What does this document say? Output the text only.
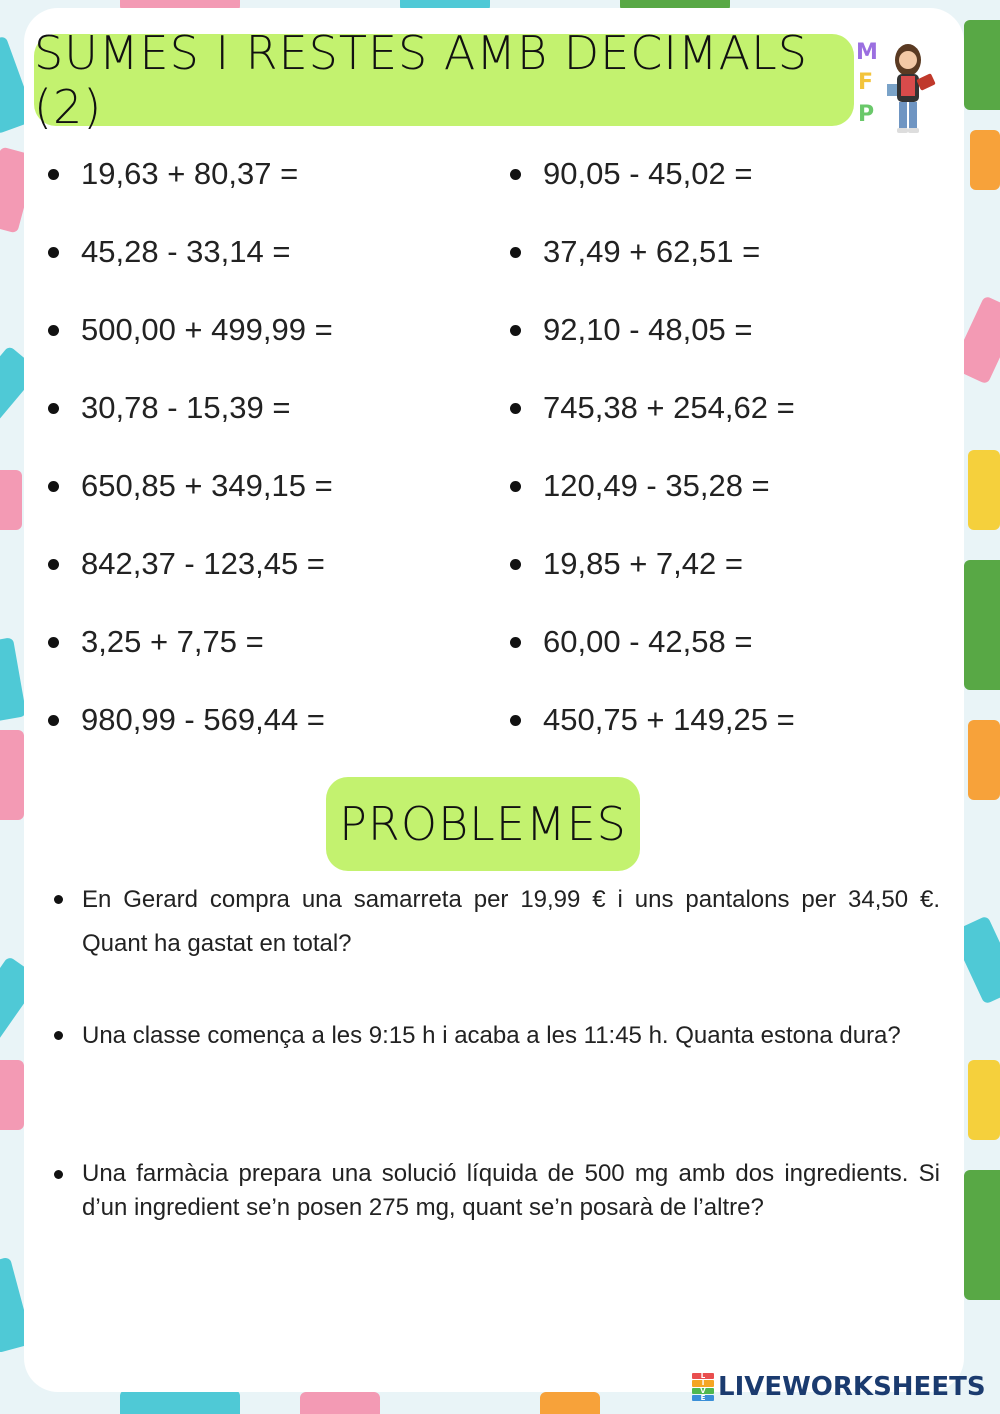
SUMES I RESTES AMB DECIMALS (2)
M
F
P
19,63 + 80,37 =
45,28 - 33,14 =
500,00 + 499,99 =
30,78 - 15,39 =
650,85 + 349,15 =
842,37 - 123,45 =
3,25 + 7,75 =
980,99 - 569,44 =
90,05 - 45,02 =
37,49 + 62,51 =
92,10 - 48,05 =
745,38 + 254,62 =
120,49 - 35,28 =
19,85 + 7,42 =
60,00 - 42,58 =
450,75 + 149,25 =
PROBLEMES
En Gerard compra una samarreta per 19,99 € i uns pantalons per 34,50 €. Quant ha gastat en total?
Una classe comença a les 9:15 h i acaba a les 11:45 h. Quanta estona dura?
Una farmàcia prepara una solució líquida de 500 mg amb dos ingredients. Si d’un ingredient se’n posen 275 mg, quant se’n posarà de l’altre?
L
I
V
E LIVEWORKSHEETS
